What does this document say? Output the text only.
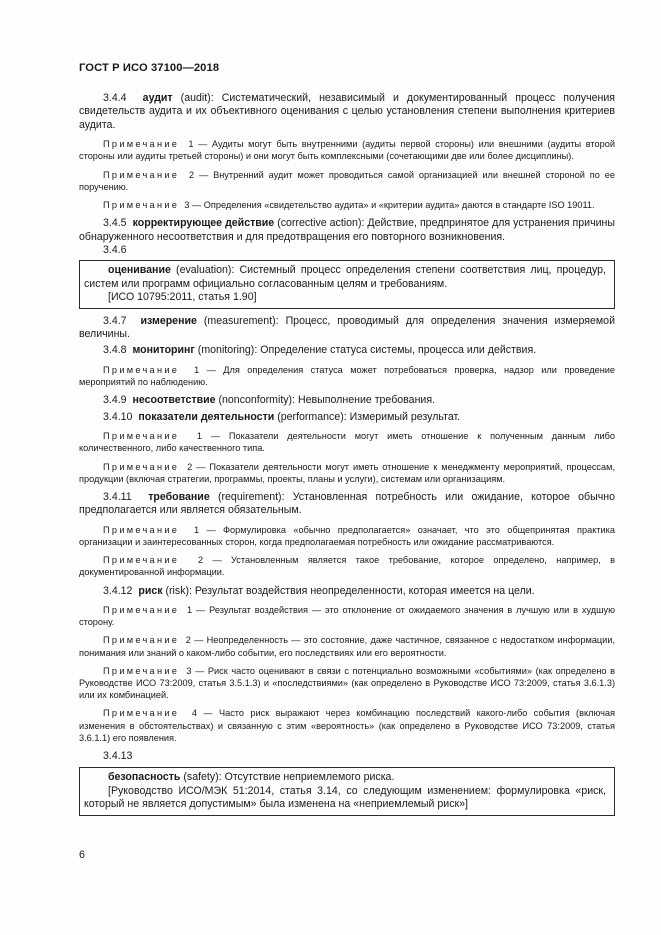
ГОСТ Р ИСО 37100—2018

3.4.4 аудит (audit): Систематический, независимый и документированный процесс получения свидетельств аудита и их объективного оценивания с целью установления степени выполнения критериев аудита.

Примечание 1 — Аудиты могут быть внутренними (аудиты первой стороны) или внешними (аудиты второй стороны или аудиты третьей стороны) и они могут быть комплексными (сочетающими две или более дисциплины).

Примечание 2 — Внутренний аудит может проводиться самой организацией или внешней стороной по ее поручению.

Примечание 3 — Определения «свидетельство аудита» и «критерии аудита» даются в стандарте ISO 19011.

3.4.5 корректирующее действие (corrective action): Действие, предпринятое для устранения причины обнаруженного несоответствия и для предотвращения его повторного возникновения.

3.4.6

оценивание (evaluation): Системный процесс определения степени соответствия лиц, процедур, систем или программ официально согласованным целям и требованиям.

[ИСО 10795:2011, статья 1.90]

3.4.7 измерение (measurement): Процесс, проводимый для определения значения измеряемой величины.

3.4.8 мониторинг (monitoring): Определение статуса системы, процесса или действия.

Примечание 1 — Для определения статуса может потребоваться проверка, надзор или проведение мероприятий по наблюдению.

3.4.9 несоответствие (nonconformity): Невыполнение требования.

3.4.10 показатели деятельности (performance): Измеримый результат.

Примечание 1 — Показатели деятельности могут иметь отношение к полученным данным либо количественного, либо качественного типа.

Примечание 2 — Показатели деятельности могут иметь отношение к менеджменту мероприятий, процессам, продукции (включая стратегии, программы, проекты, планы и услуги), системам или организациям.

3.4.11 требование (requirement): Установленная потребность или ожидание, которое обычно предполагается или является обязательным.

Примечание 1 — Формулировка «обычно предполагается» означает, что это общепринятая практика организации и заинтересованных сторон, когда предполагаемая потребность или ожидание рассматриваются.

Примечание 2 — Установленным является такое требование, которое определено, например, в документированной информации.

3.4.12 риск (risk): Результат воздействия неопределенности, которая имеется на цели.

Примечание 1 — Результат воздействия — это отклонение от ожидаемого значения в лучшую или в худшую сторону.

Примечание 2 — Неопределенность — это состояние, даже частичное, связанное с недостатком информации, понимания или знаний о каком-либо событии, его последствиях или его вероятности.

Примечание 3 — Риск часто оценивают в связи с потенциально возможными «событиями» (как определено в Руководстве ИСО 73:2009, статья 3.5.1.3) и «последствиями» (как определено в Руководстве ИСО 73:2009, статья 3.6.1.3) или их комбинацией.

Примечание 4 — Часто риск выражают через комбинацию последствий какого-либо события (включая изменения в обстоятельствах) и связанную с этим «вероятность» (как определено в Руководстве ИСО 73:2009, статья 3.6.1.1) его появления.

3.4.13

безопасность (safety): Отсутствие неприемлемого риска.

[Руководство ИСО/МЭК 51:2014, статья 3.14, со следующим изменением: формулировка «риск, который не является допустимым» была изменена на «неприемлемый риск»]

6
